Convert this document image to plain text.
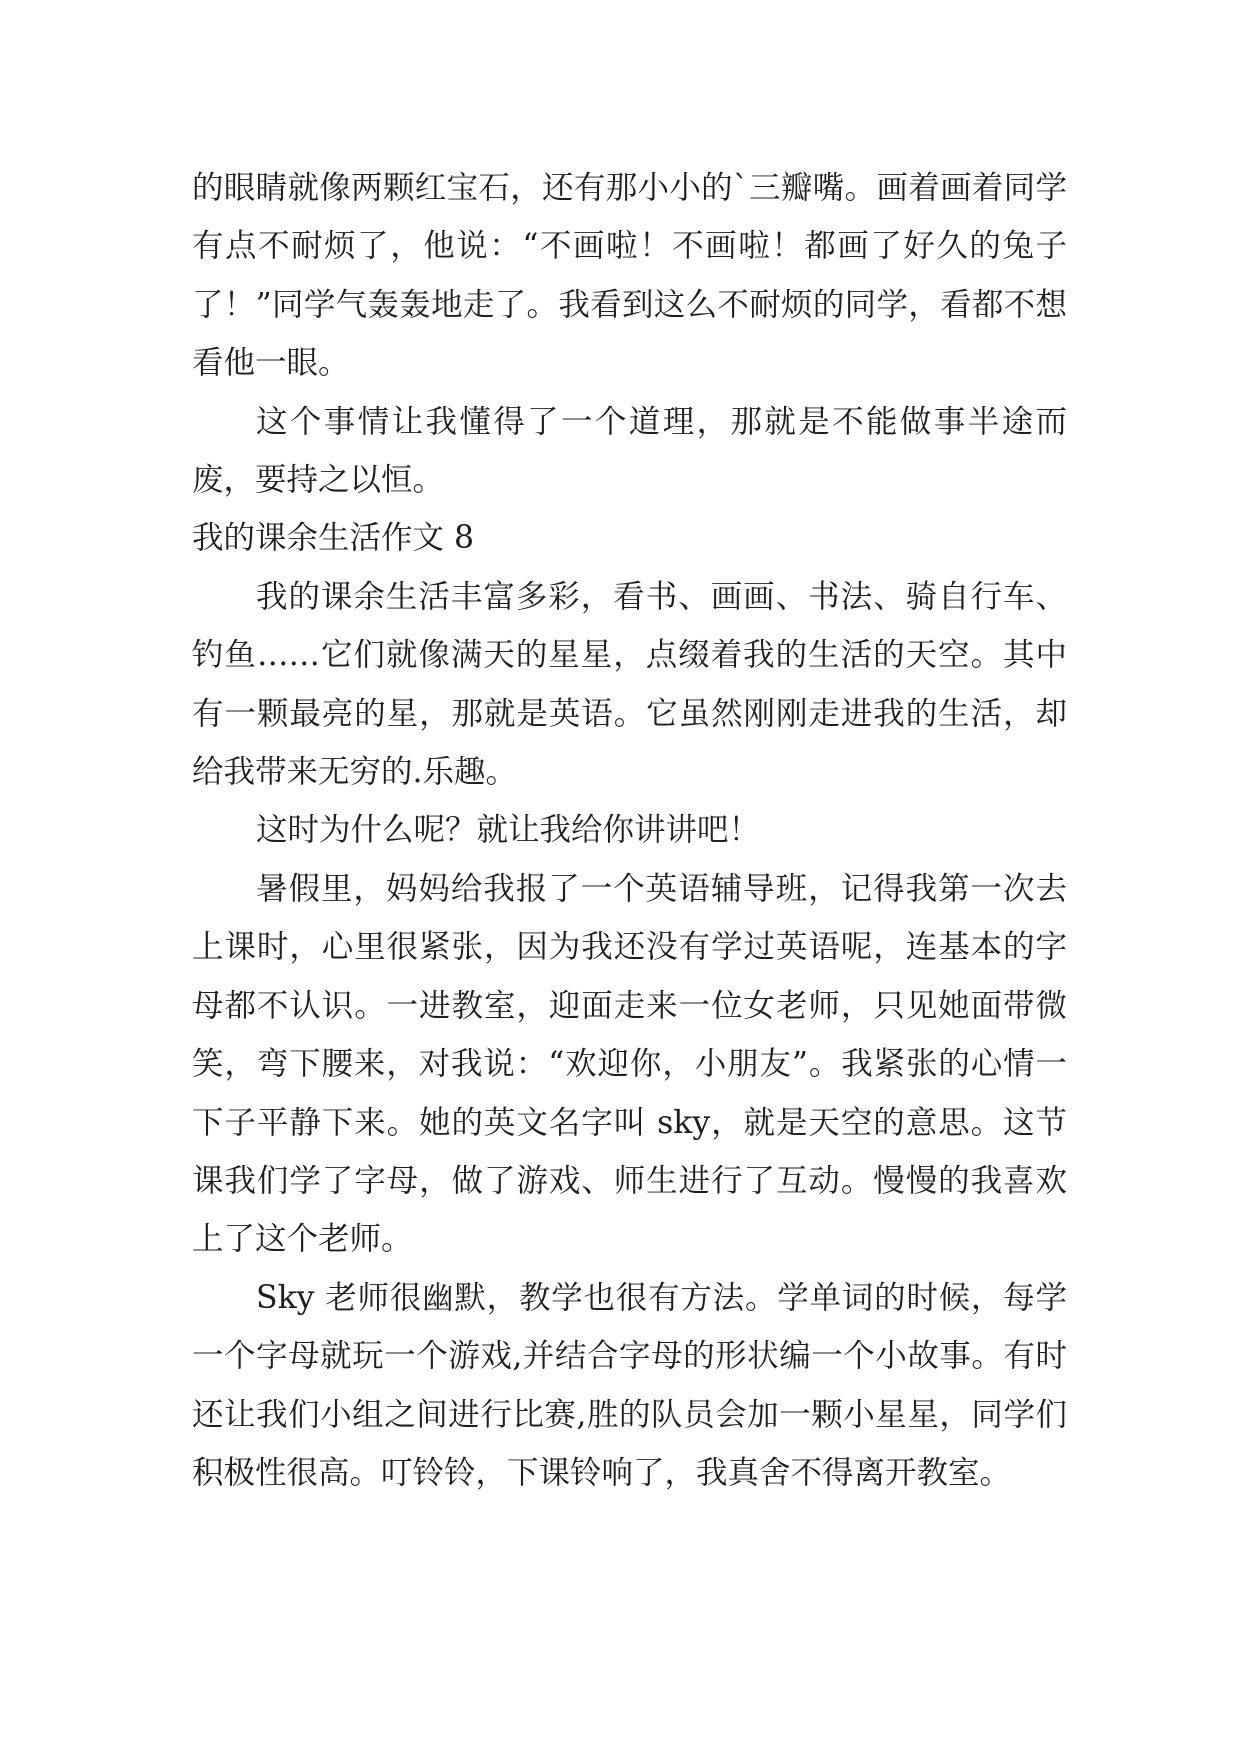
的眼睛就像两颗红宝石，还有那小小的`三瓣嘴。画着画着同学有点不耐烦了，他说：“不画啦！不画啦！都画了好久的兔子了！”同学气轰轰地走了。我看到这么不耐烦的同学，看都不想看他一眼。

这个事情让我懂得了一个道理，那就是不能做事半途而废，要持之以恒。

我的课余生活作文 8

我的课余生活丰富多彩，看书、画画、书法、骑自行车、钓鱼……它们就像满天的星星，点缀着我的生活的天空。其中有一颗最亮的星，那就是英语。它虽然刚刚走进我的生活，却给我带来无穷的.乐趣。

这时为什么呢？就让我给你讲讲吧！

暑假里，妈妈给我报了一个英语辅导班，记得我第一次去上课时，心里很紧张，因为我还没有学过英语呢，连基本的字母都不认识。一进教室，迎面走来一位女老师，只见她面带微笑，弯下腰来，对我说：“欢迎你，小朋友”。我紧张的心情一下子平静下来。她的英文名字叫 sky，就是天空的意思。这节课我们学了字母，做了游戏、师生进行了互动。慢慢的我喜欢上了这个老师。

Sky 老师很幽默，教学也很有方法。学单词的时候，每学一个字母就玩一个游戏,并结合字母的形状编一个小故事。有时还让我们小组之间进行比赛,胜的队员会加一颗小星星，同学们积极性很高。叮铃铃，下课铃响了，我真舍不得离开教室。
